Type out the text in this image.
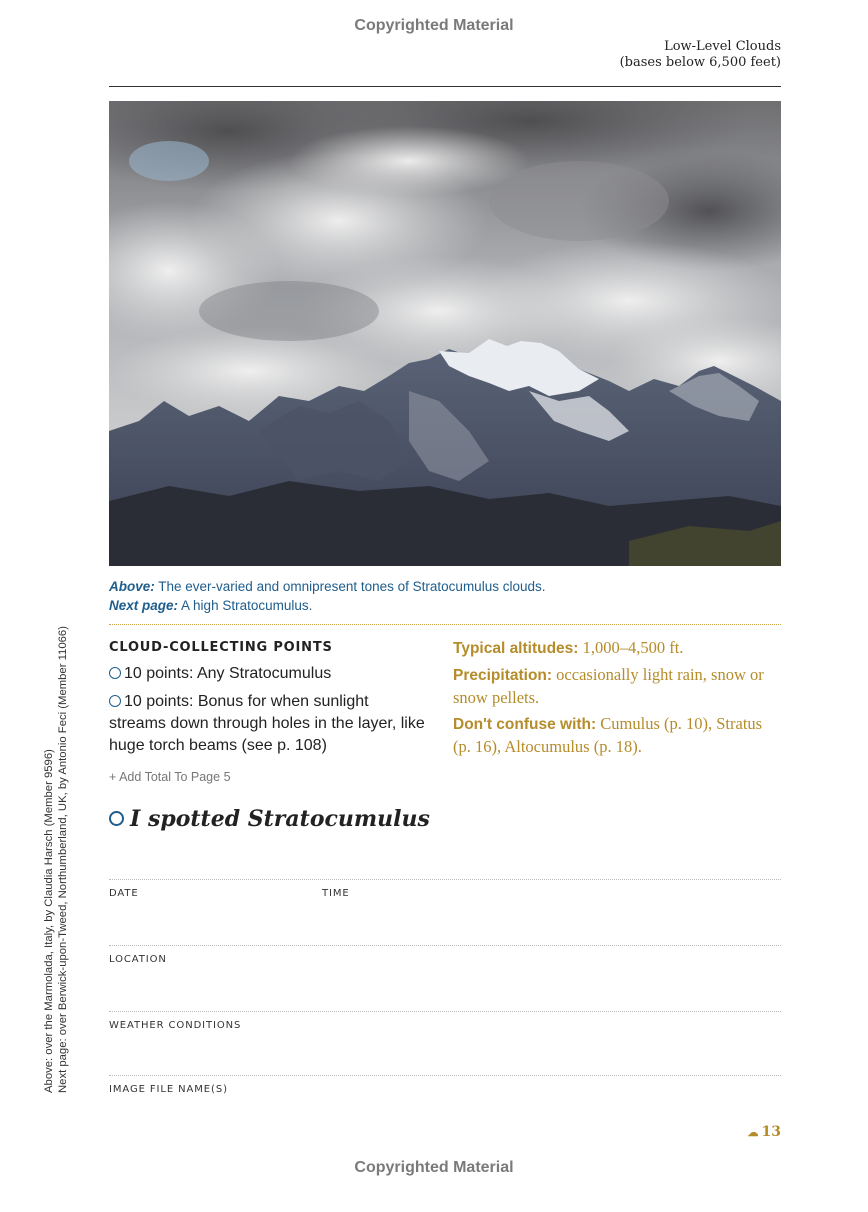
Copyrighted Material
Low-Level Clouds
(bases below 6,500 feet)
Above: The ever-varied and omnipresent tones of Stratocumulus clouds.
Next page: A high Stratocumulus.
CLOUD-COLLECTING POINTS
10 points: Any Stratocumulus
10 points: Bonus for when sunlight streams down through holes in the layer, like huge torch beams (see p. 108)
+ Add Total To Page 5
Typical altitudes: 1,000–4,500 ft.
Precipitation: occasionally light rain, snow or snow pellets.
Don't confuse with: Cumulus (p. 10), Stratus (p. 16), Altocumulus (p. 18).
I spotted Stratocumulus
DATE	TIME
LOCATION
WEATHER CONDITIONS
IMAGE FILE NAME(S)
Above: over the Marmolada, Italy, by Claudia Harsch (Member 9596) Next page: over Berwick-upon-Tweed, Northumberland, UK, by Antonio Feci (Member 11066)
☁ 13
Copyrighted Material
